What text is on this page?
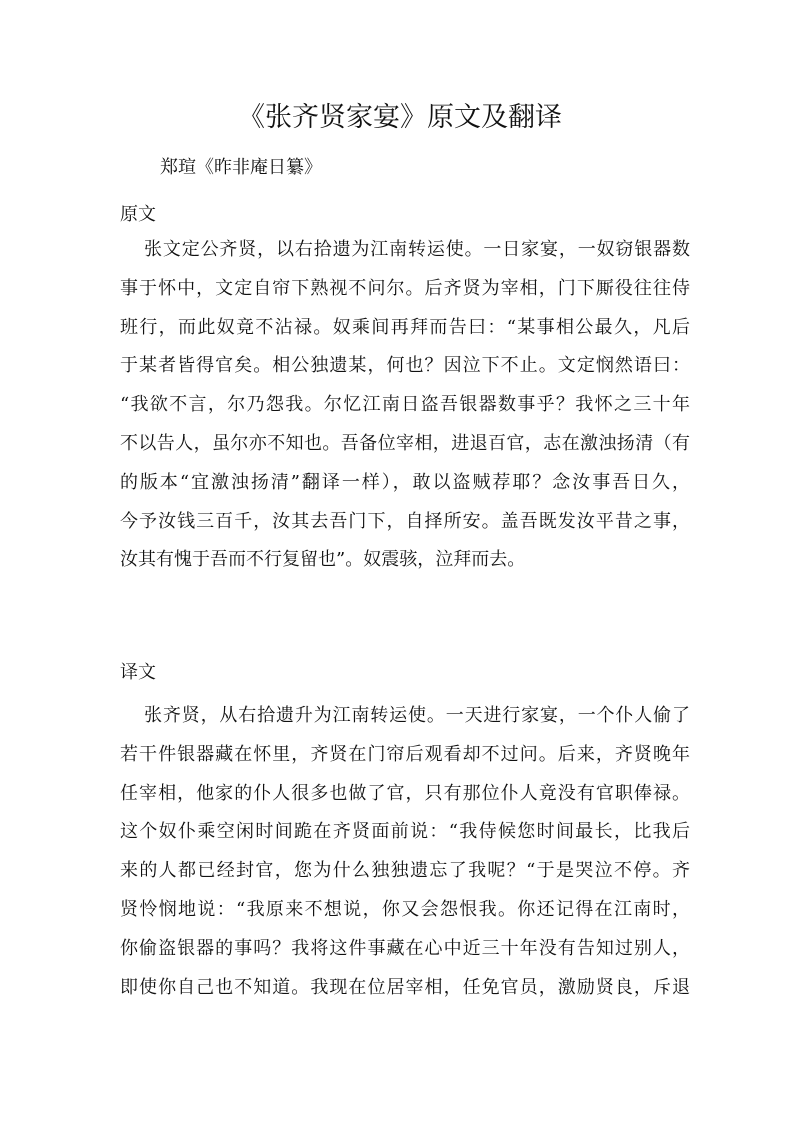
《张齐贤家宴》原文及翻译

郑瑄《昨非庵日纂》

原文
张文定公齐贤，以右拾遗为江南转运使。一日家宴，一奴窃银器数
事于怀中，文定自帘下熟视不问尔。后齐贤为宰相，门下厮役往往侍
班行，而此奴竟不沾禄。奴乘间再拜而告曰：“某事相公最久，凡后
于某者皆得官矣。相公独遗某，何也？因泣下不止。文定悯然语曰：
“我欲不言，尔乃怨我。尔忆江南日盗吾银器数事乎？我怀之三十年
不以告人，虽尔亦不知也。吾备位宰相，进退百官，志在激浊扬清（有
的版本“宜激浊扬清”翻译一样），敢以盗贼荐耶？念汝事吾日久，
今予汝钱三百千，汝其去吾门下，自择所安。盖吾既发汝平昔之事，
汝其有愧于吾而不行复留也”。奴震骇，泣拜而去。
译文
张齐贤，从右拾遗升为江南转运使。一天进行家宴，一个仆人偷了
若干件银器藏在怀里，齐贤在门帘后观看却不过问。后来，齐贤晚年
任宰相，他家的仆人很多也做了官，只有那位仆人竟没有官职俸禄。
这个奴仆乘空闲时间跪在齐贤面前说：“我侍候您时间最长，比我后
来的人都已经封官，您为什么独独遗忘了我呢？“于是哭泣不停。齐
贤怜悯地说：“我原来不想说，你又会怨恨我。你还记得在江南时，
你偷盗银器的事吗？我将这件事藏在心中近三十年没有告知过别人，
即使你自己也不知道。我现在位居宰相，任免官员，激励贤良，斥退
